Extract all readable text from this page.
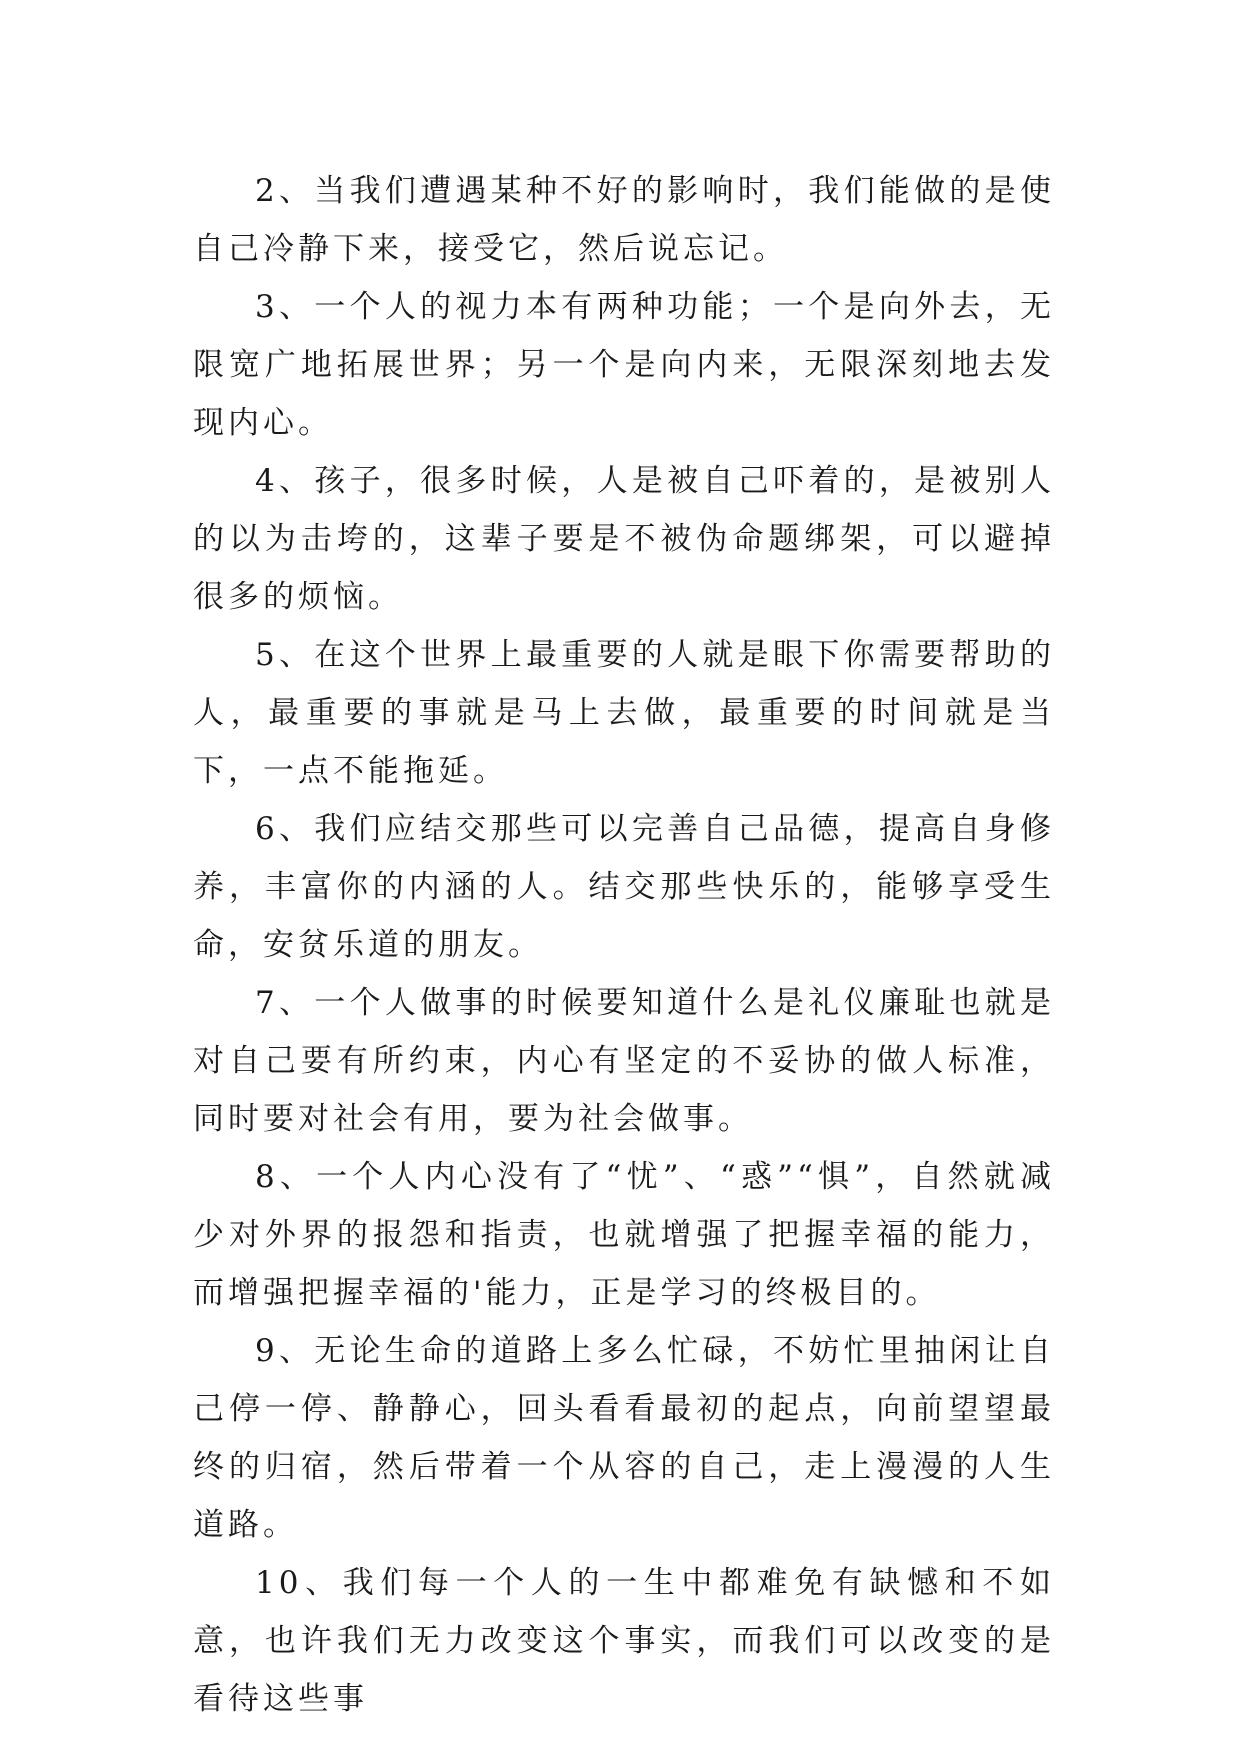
2、当我们遭遇某种不好的影响时，我们能做的是使自己冷静下来，接受它，然后说忘记。

3、一个人的视力本有两种功能；一个是向外去，无限宽广地拓展世界；另一个是向内来，无限深刻地去发现内心。

4、孩子，很多时候，人是被自己吓着的，是被别人的以为击垮的，这辈子要是不被伪命题绑架，可以避掉很多的烦恼。

5、在这个世界上最重要的人就是眼下你需要帮助的人，最重要的事就是马上去做，最重要的时间就是当下，一点不能拖延。

6、我们应结交那些可以完善自己品德，提高自身修养，丰富你的内涵的人。结交那些快乐的，能够享受生命，安贫乐道的朋友。

7、一个人做事的时候要知道什么是礼仪廉耻也就是对自己要有所约束，内心有坚定的不妥协的做人标准，同时要对社会有用，要为社会做事。

8、一个人内心没有了“忧”、“惑”“惧”，自然就减少对外界的报怨和指责，也就增强了把握幸福的能力，而增强把握幸福的'能力，正是学习的终极目的。

9、无论生命的道路上多么忙碌，不妨忙里抽闲让自己停一停、静静心，回头看看最初的起点，向前望望最终的归宿，然后带着一个从容的自己，走上漫漫的人生道路。

10、我们每一个人的一生中都难免有缺憾和不如意，也许我们无力改变这个事实，而我们可以改变的是看待这些事
